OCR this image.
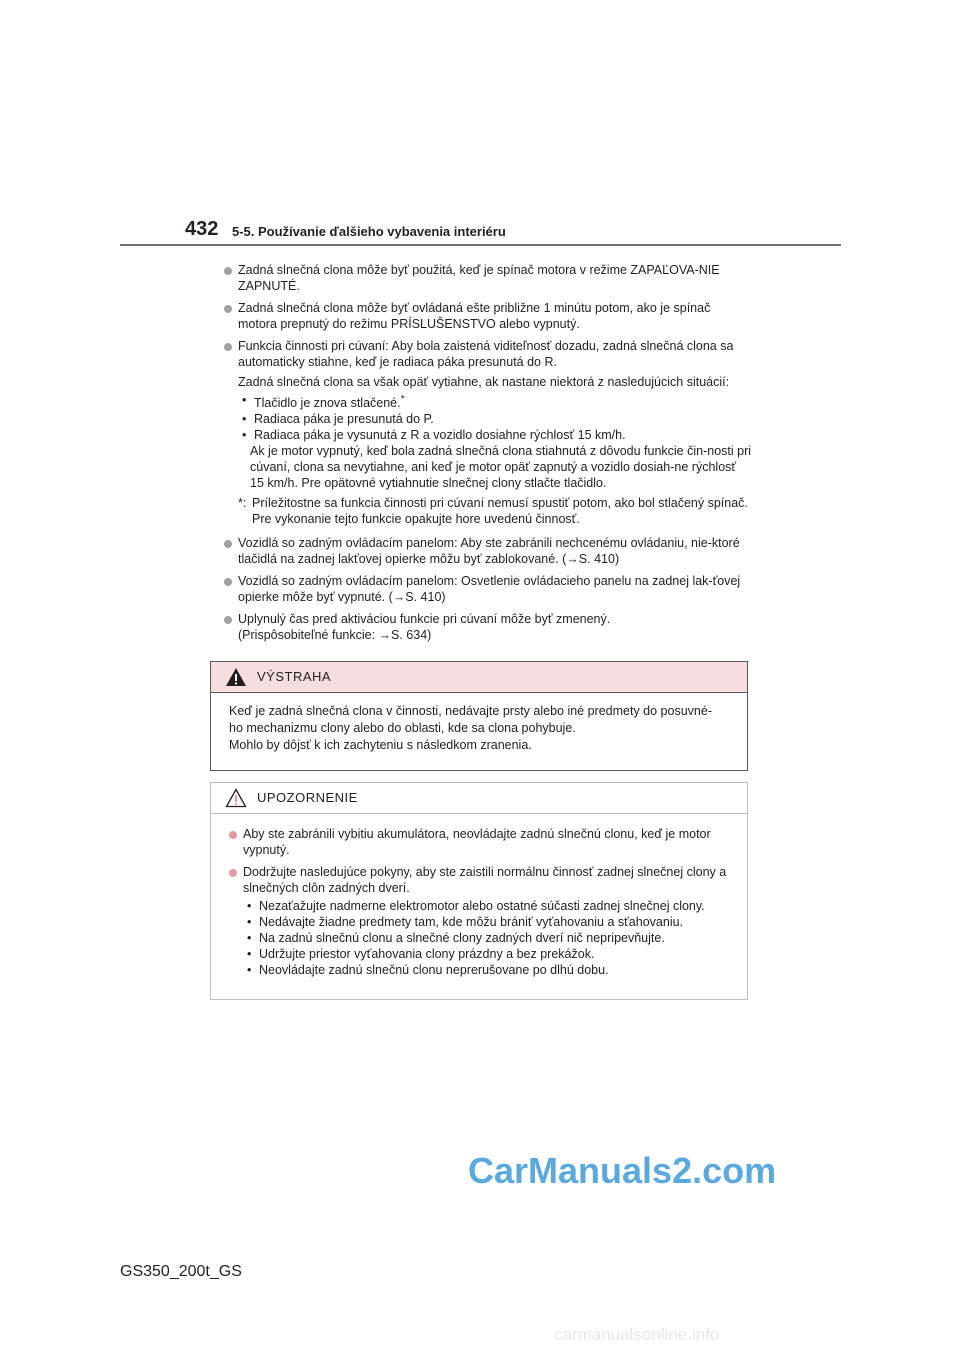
432 5-5. Používanie ďalšieho vybavenia interiéru
Zadná slnečná clona môže byť použitá, keď je spínač motora v režime ZAPAĽOVA-NIE ZAPNUTÉ.
Zadná slnečná clona môže byť ovládaná ešte približne 1 minútu potom, ako je spínač motora prepnutý do režimu PRÍSLUŠENSTVO alebo vypnutý.
Funkcia činnosti pri cúvaní: Aby bola zaistená viditeľnosť dozadu, zadná slnečná clona sa automaticky stiahne, keď je radiaca páka presunutá do R.
Zadná slnečná clona sa však opäť vytiahne, ak nastane niektorá z nasledujúcich situácií:
• Tlačidlo je znova stlačené.*
• Radiaca páka je presunutá do P.
• Radiaca páka je vysunutá z R a vozidlo dosiahne rýchlosť 15 km/h.
Ak je motor vypnutý, keď bola zadná slnečná clona stiahnutá z dôvodu funkcie čin-nosti pri cúvaní, clona sa nevytiahne, ani keď je motor opäť zapnutý a vozidlo dosiah-ne rýchlosť 15 km/h. Pre opätovné vytiahnutie slnečnej clony stlačte tlačidlo.
*: Príležitostne sa funkcia činnosti pri cúvaní nemusí spustiť potom, ako bol stlačený spínač. Pre vykonanie tejto funkcie opakujte hore uvedenú činnosť.
Vozidlá so zadným ovládacím panelom: Aby ste zabránili nechcenému ovládaniu, nie-ktoré tlačidlá na zadnej lakťovej opierke môžu byť zablokované. (→S. 410)
Vozidlá so zadným ovládacím panelom: Osvetlenie ovládacieho panelu na zadnej lak-ťovej opierke môže byť vypnuté. (→S. 410)
Uplynulý čas pred aktiváciou funkcie pri cúvaní môže byť zmenený.
(Prispôsobiteľné funkcie: →S. 634)
VÝSTRAHA
Keď je zadná slnečná clona v činnosti, nedávajte prsty alebo iné predmety do posuvné-
ho mechanizmu clony alebo do oblasti, kde sa clona pohybuje.
Mohlo by dôjsť k ich zachyteniu s následkom zranenia.
UPOZORNENIE
Aby ste zabránili vybitiu akumulátora, neovládajte zadnú slnečnú clonu, keď je motor vypnutý.
Dodržujte nasledujúce pokyny, aby ste zaistili normálnu činnosť zadnej slnečnej clony a slnečných clôn zadných dverí.
• Nezaťažujte nadmerne elektromotor alebo ostatné súčasti zadnej slnečnej clony.
• Nedávajte žiadne predmety tam, kde môžu brániť vyťahovaniu a sťahovaniu.
• Na zadnú slnečnú clonu a slnečné clony zadných dverí nič nepripevňujte.
• Udržujte priestor vyťahovania clony prázdny a bez prekážok.
• Neovládajte zadnú slnečnú clonu neprerušovane po dlhú dobu.
CarManuals2.com
GS350_200t_GS
carmanualsonline.info
